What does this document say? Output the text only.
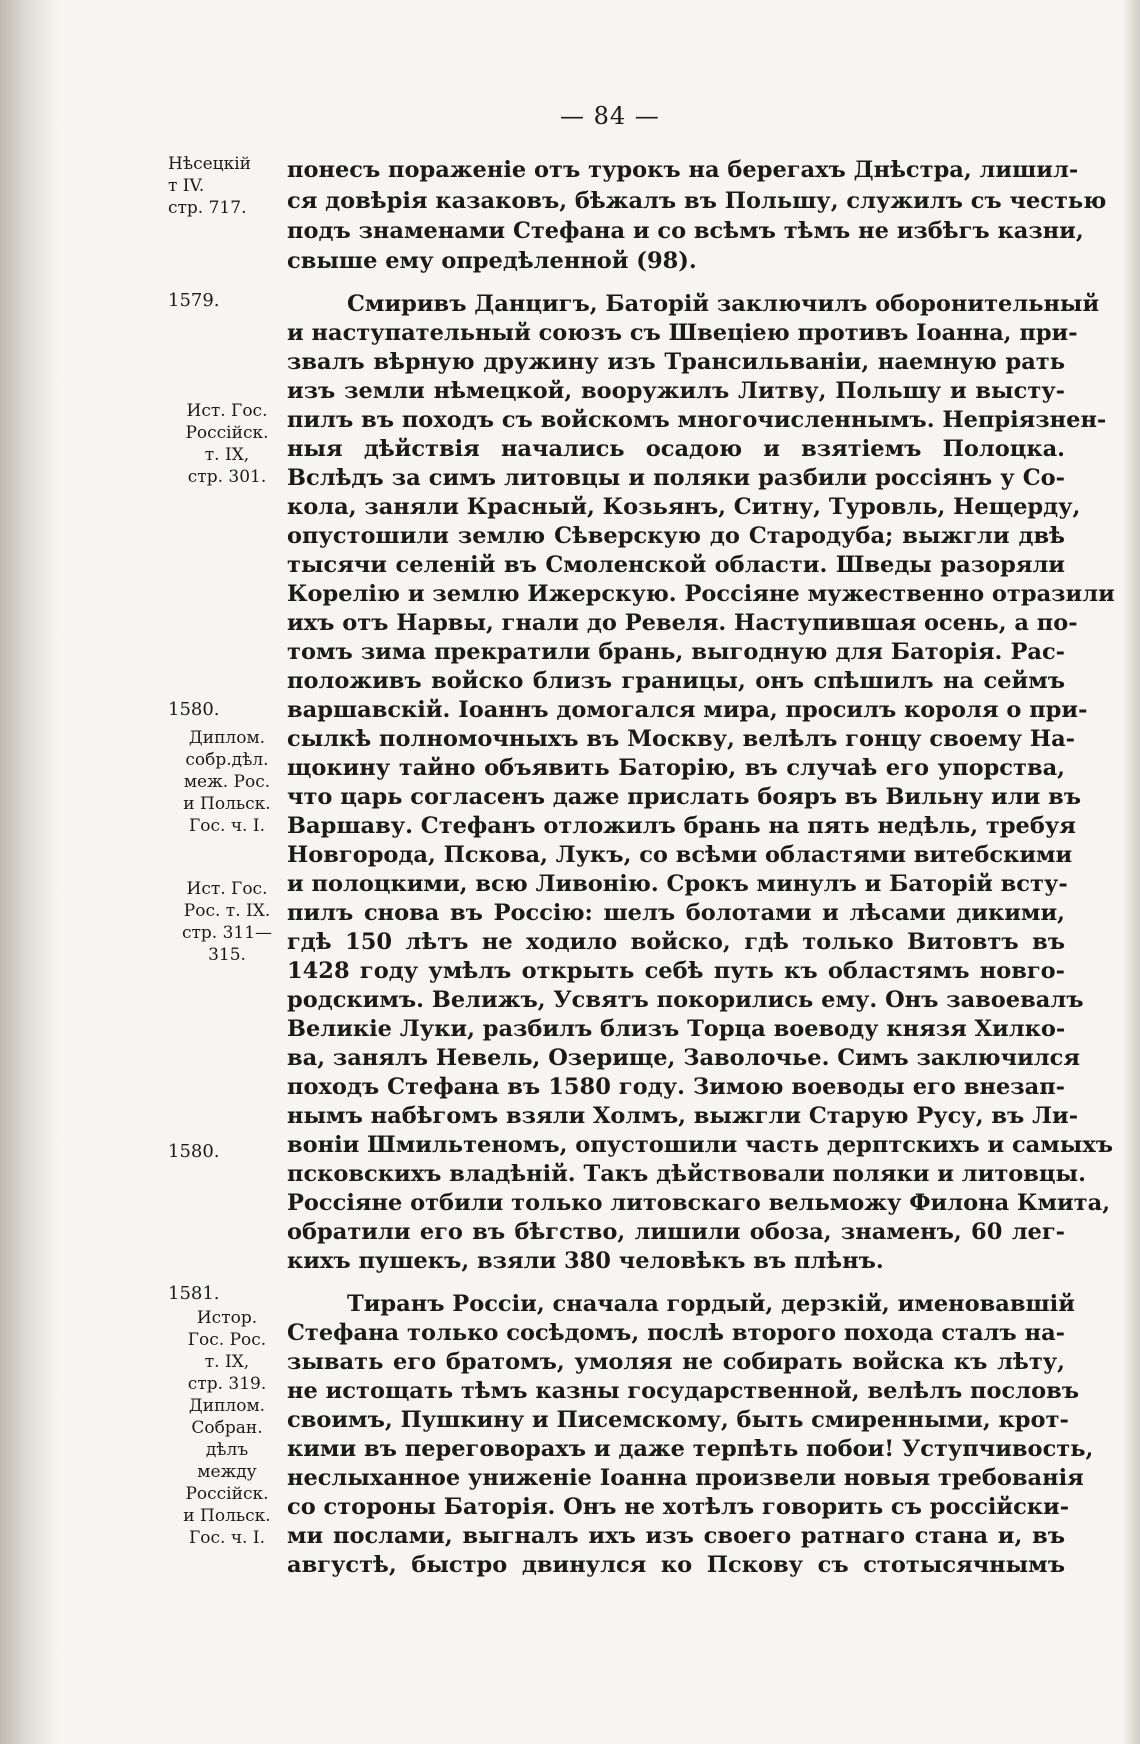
— 84 —
Нѣсецкій
т IV.
стр. 717.
1579.
Ист. Гос.
Россійск.
т. IX,
стр. 301.
1580.
Диплом.
собр.дѣл.
меж. Рос.
и Польск.
Гос. ч. I.
Ист. Гос.
Рос. т. IX.
стр. 311—
315.
1580.
1581.
Истор.
Гос. Рос.
т. IX,
стр. 319.
Диплом.
Собран.
дѣлъ
между
Россійск.
и Польск.
Гос. ч. I.
понесъ пораженіе отъ турокъ на берегахъ Днѣстра, лишил-
ся довѣрія казаковъ, бѣжалъ въ Польшу, служилъ съ честью
подъ знаменами Стефана и со всѣмъ тѣмъ не избѣгъ казни,
свыше ему опредѣленной (98).
Смиривъ Данцигъ, Баторій заключилъ оборонительный
и наступательный союзъ съ Швеціею противъ Іоанна, при-
звалъ вѣрную дружину изъ Трансильваніи, наемную рать
изъ земли нѣмецкой, вооружилъ Литву, Польшу и высту-
пилъ въ походъ съ войскомъ многочисленнымъ. Непріязнен-
ныя дѣйствія начались осадою и взятіемъ Полоцка.
Вслѣдъ за симъ литовцы и поляки разбили россіянъ у Со-
кола, заняли Красный, Козьянъ, Ситну, Туровль, Нещерду,
опустошили землю Сѣверскую до Стародуба; выжгли двѣ
тысячи селеній въ Смоленской области. Шведы разоряли
Корелію и землю Ижерскую. Россіяне мужественно отразили
ихъ отъ Нарвы, гнали до Ревеля. Наступившая осень, а по-
томъ зима прекратили брань, выгодную для Баторія. Рас-
положивъ войско близъ границы, онъ спѣшилъ на сеймъ
варшавскій. Іоаннъ домогался мира, просилъ короля о при-
сылкѣ полномочныхъ въ Москву, велѣлъ гонцу своему На-
щокину тайно объявить Баторію, въ случаѣ его упорства,
что царь согласенъ даже прислать бояръ въ Вильну или въ
Варшаву. Стефанъ отложилъ брань на пять недѣль, требуя
Новгорода, Пскова, Лукъ, со всѣми областями витебскими
и полоцкими, всю Ливонію. Срокъ минулъ и Баторій всту-
пилъ снова въ Россію: шелъ болотами и лѣсами дикими,
гдѣ 150 лѣтъ не ходило войско, гдѣ только Витовтъ въ
1428 году умѣлъ открыть себѣ путь къ областямъ новго-
родскимъ. Велижъ, Усвятъ покорились ему. Онъ завоевалъ
Великіе Луки, разбилъ близъ Торца воеводу князя Хилко-
ва, занялъ Невель, Озерище, Заволочье. Симъ заключился
походъ Стефана въ 1580 году. Зимою воеводы его внезап-
нымъ набѣгомъ взяли Холмъ, выжгли Старую Русу, въ Ли-
воніи Шмильтеномъ, опустошили часть дерптскихъ и самыхъ
псковскихъ владѣній. Такъ дѣйствовали поляки и литовцы.
Россіяне отбили только литовскаго вельможу Филона Кмита,
обратили его въ бѣгство, лишили обоза, знаменъ, 60 лег-
кихъ пушекъ, взяли 380 человѣкъ въ плѣнъ.
Тиранъ Россіи, сначала гордый, дерзкій, именовавшій
Стефана только сосѣдомъ, послѣ второго похода сталъ на-
зывать его братомъ, умоляя не собирать войска къ лѣту,
не истощать тѣмъ казны государственной, велѣлъ пословъ
своимъ, Пушкину и Писемскому, быть смиренными, крот-
кими въ переговорахъ и даже терпѣть побои! Уступчивость,
неслыханное униженіе Іоанна произвели новыя требованія
со стороны Баторія. Онъ не хотѣлъ говорить съ россійски-
ми послами, выгналъ ихъ изъ своего ратнаго стана и, въ
августѣ, быстро двинулся ко Пскову съ стотысячнымъ
